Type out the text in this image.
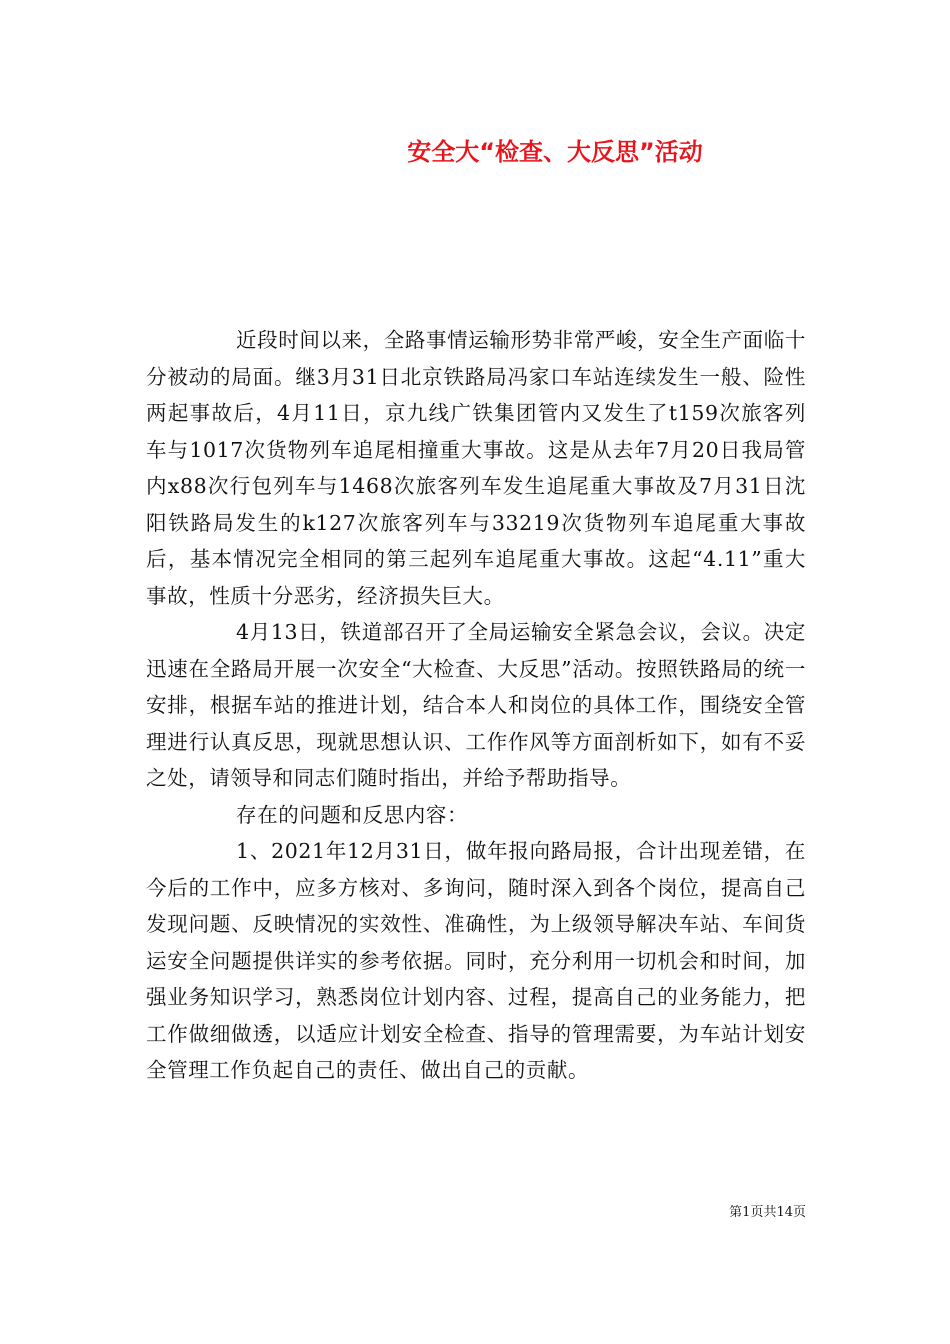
安全大“检查、大反思”活动

近段时间以来，全路事情运输形势非常严峻，安全生产面临十分被动的局面。继3月31日北京铁路局冯家口车站连续发生一般、险性两起事故后，4月11日，京九线广铁集团管内又发生了t159次旅客列车与1017次货物列车追尾相撞重大事故。这是从去年7月20日我局管内x88次行包列车与1468次旅客列车发生追尾重大事故及7月31日沈阳铁路局发生的k127次旅客列车与33219次货物列车追尾重大事故后，基本情况完全相同的第三起列车追尾重大事故。这起“4.11”重大事故，性质十分恶劣，经济损失巨大。

4月13日，铁道部召开了全局运输安全紧急会议，会议。决定迅速在全路局开展一次安全“大检查、大反思”活动。按照铁路局的统一安排，根据车站的推进计划，结合本人和岗位的具体工作，围绕安全管理进行认真反思，现就思想认识、工作作风等方面剖析如下，如有不妥之处，请领导和同志们随时指出，并给予帮助指导。

存在的问题和反思内容：

1、2021年12月31日，做年报向路局报，合计出现差错，在今后的工作中，应多方核对、多询问，随时深入到各个岗位，提高自己发现问题、反映情况的实效性、准确性，为上级领导解决车站、车间货运安全问题提供详实的参考依据。同时，充分利用一切机会和时间，加强业务知识学习，熟悉岗位计划内容、过程，提高自己的业务能力，把工作做细做透，以适应计划安全检查、指导的管理需要，为车站计划安全管理工作负起自己的责任、做出自己的贡献。

第1页共14页
